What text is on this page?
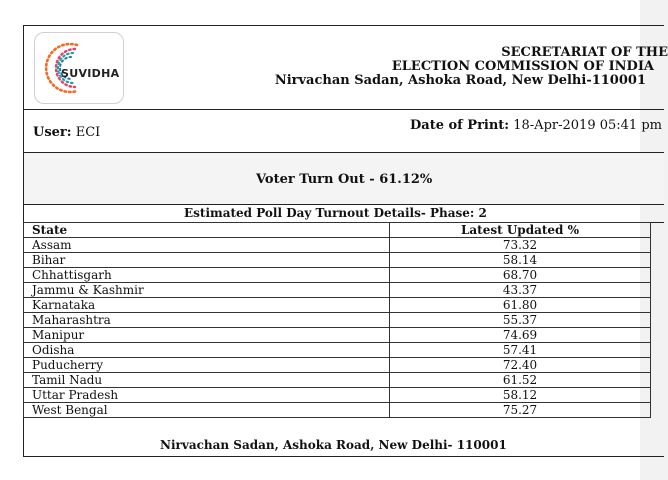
SUVIDHA
SECRETARIAT OF THE
ELECTION COMMISSION OF INDIA
Nirvachan Sadan, Ashoka Road, New Delhi-110001
User: ECI	Date of Print: 18-Apr-2019 05:41 pm
Voter Turn Out - 61.12%
Estimated Poll Day Turnout Details- Phase: 2
State	Latest Updated %
Assam	73.32
Bihar	58.14
Chhattisgarh	68.70
Jammu & Kashmir	43.37
Karnataka	61.80
Maharashtra	55.37
Manipur	74.69
Odisha	57.41
Puducherry	72.40
Tamil Nadu	61.52
Uttar Pradesh	58.12
West Bengal	75.27
Nirvachan Sadan, Ashoka Road, New Delhi- 110001
